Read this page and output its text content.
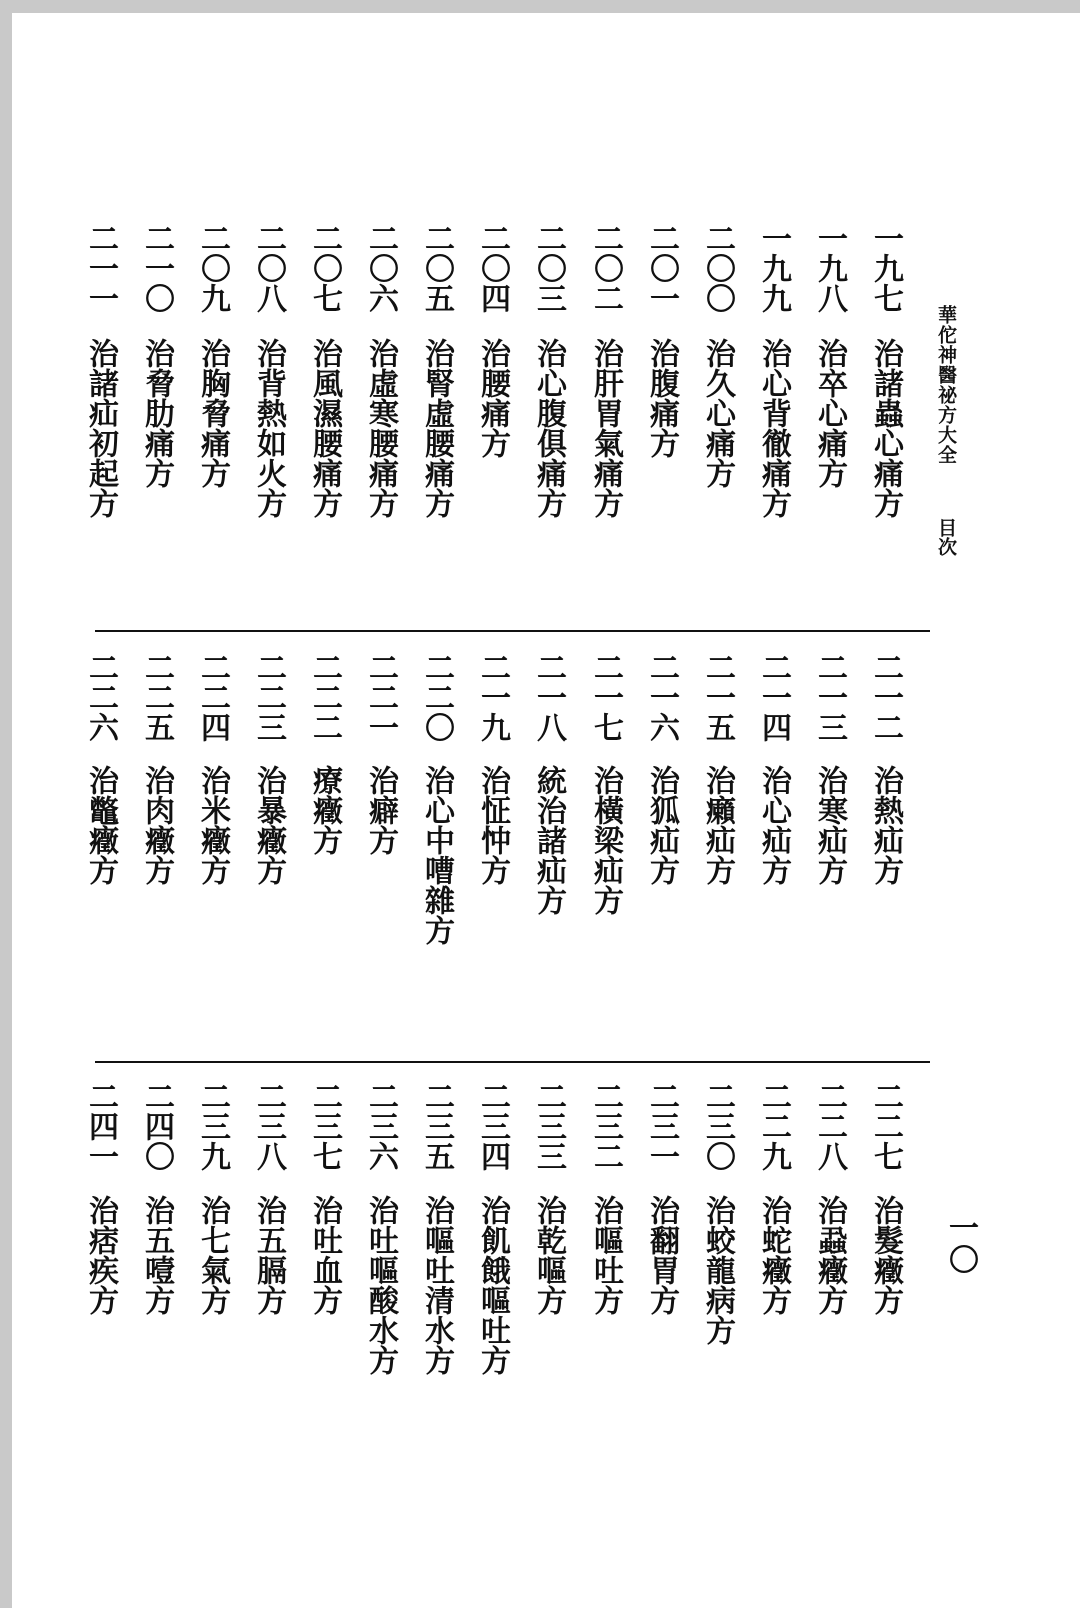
華佗神醫祕方大全
目次
一〇
一九七
治諸蟲心痛方
一九八
治卒心痛方
一九九
治心背徹痛方
二〇〇
治久心痛方
二〇一
治腹痛方
二〇二
治肝胃氣痛方
二〇三
治心腹俱痛方
二〇四
治腰痛方
二〇五
治腎虛腰痛方
二〇六
治虛寒腰痛方
二〇七
治風濕腰痛方
二〇八
治背熱如火方
二〇九
治胸脅痛方
二一〇
治脅肋痛方
二一一
治諸疝初起方
二一二
治熱疝方
二一三
治寒疝方
二一四
治心疝方
二一五
治癩疝方
二一六
治狐疝方
二一七
治橫梁疝方
二一八
統治諸疝方
二一九
治怔忡方
二二〇
治心中嘈雜方
二二一
治癖方
二二二
療癥方
二二三
治暴癥方
二二四
治米癥方
二二五
治肉癥方
二二六
治鼈癥方
二二七
治髮癥方
二二八
治蝨癥方
二二九
治蛇癥方
二三〇
治蛟龍病方
二三一
治翻胃方
二三二
治嘔吐方
二三三
治乾嘔方
二三四
治飢餓嘔吐方
二三五
治嘔吐清水方
二三六
治吐嘔酸水方
二三七
治吐血方
二三八
治五膈方
二三九
治七氣方
二四〇
治五噎方
二四一
治痞疾方
